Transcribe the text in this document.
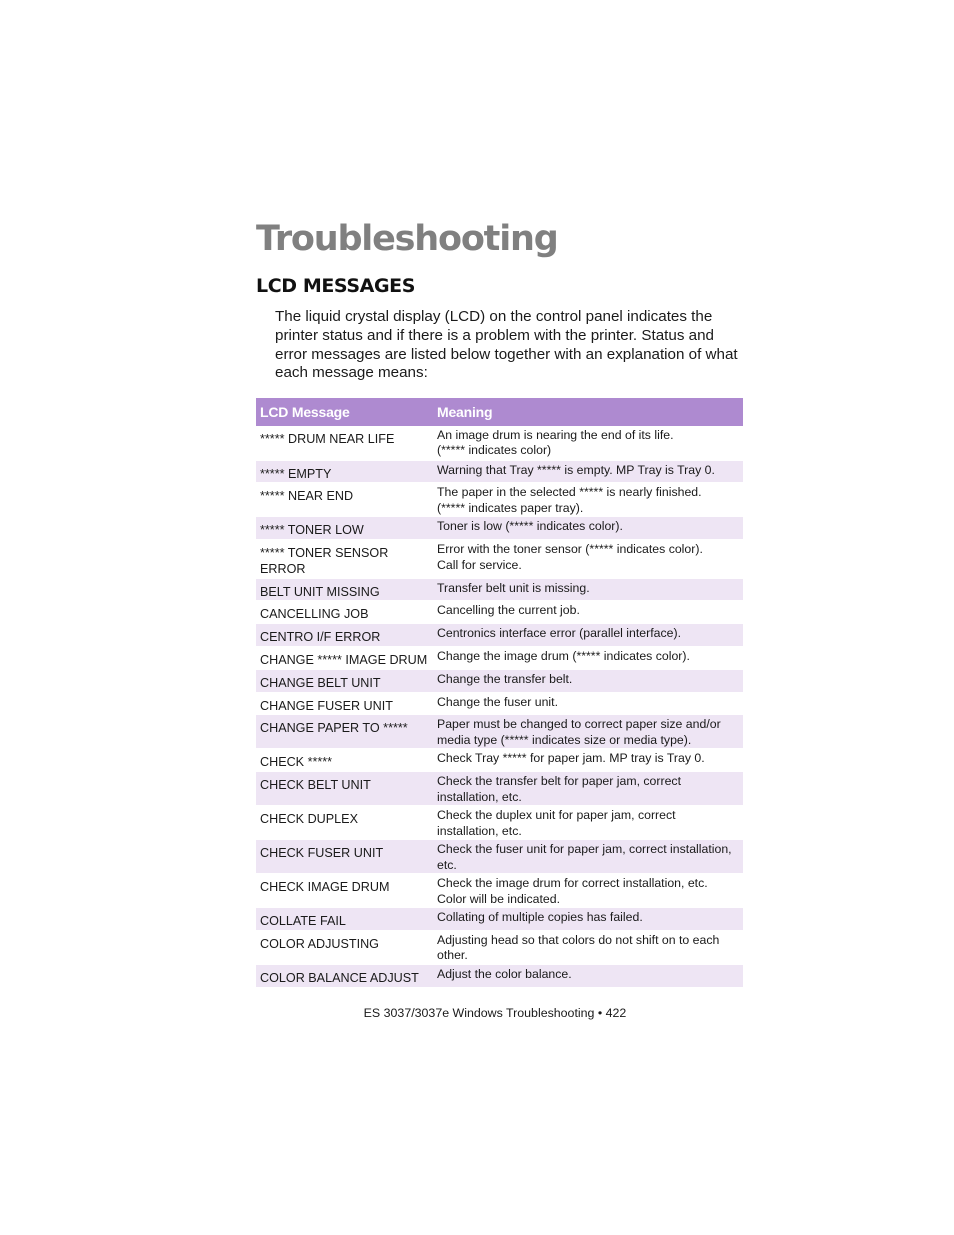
Troubleshooting
LCD MESSAGES

The liquid crystal display (LCD) on the control panel indicates the printer status and if there is a problem with the printer. Status and error messages are listed below together with an explanation of what each message means:

LCD Message	Meaning
***** DRUM NEAR LIFE	An image drum is nearing the end of its life.
(***** indicates color)

***** EMPTY	Warning that Tray ***** is empty. MP Tray is Tray 0.

***** NEAR END	The paper in the selected ***** is nearly finished.
(***** indicates paper tray).

***** TONER LOW	Toner is low (***** indicates color).

***** TONER SENSOR ERROR	Error with the toner sensor (***** indicates color).
Call for service.

BELT UNIT MISSING	Transfer belt unit is missing.

CANCELLING JOB	Cancelling the current job.

CENTRO I/F ERROR	Centronics interface error (parallel interface).

CHANGE ***** IMAGE DRUM	Change the image drum (***** indicates color).

CHANGE BELT UNIT	Change the transfer belt.

CHANGE FUSER UNIT	Change the fuser unit.

CHANGE PAPER TO *****	Paper must be changed to correct paper size and/or
media type (***** indicates size or media type).

CHECK *****	Check Tray ***** for paper jam. MP tray is Tray 0.

CHECK BELT UNIT	Check the transfer belt for paper jam, correct
installation, etc.

CHECK DUPLEX	Check the duplex unit for paper jam, correct
installation, etc.

CHECK FUSER UNIT	Check the fuser unit for paper jam, correct installation,
etc.

CHECK IMAGE DRUM	Check the image drum for correct installation, etc.
Color will be indicated.

COLLATE FAIL	Collating of multiple copies has failed.

COLOR ADJUSTING	Adjusting head so that colors do not shift on to each
other.

COLOR BALANCE ADJUST	Adjust the color balance.

ES 3037/3037e Windows Troubleshooting • 422
